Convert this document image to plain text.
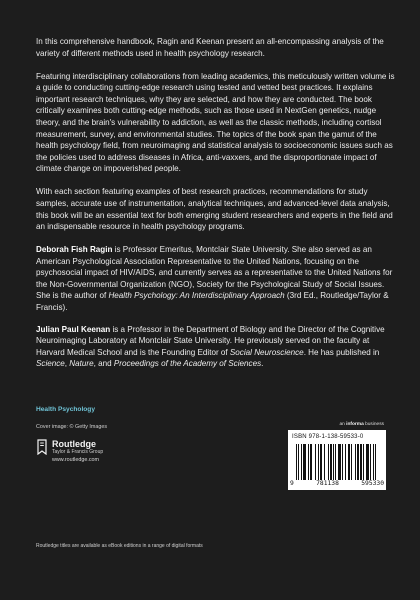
In this comprehensive handbook, Ragin and Keenan present an all-encompassing analysis of the variety of different methods used in health psychology research.

Featuring interdisciplinary collaborations from leading academics, this meticulously written volume is a guide to conducting cutting-edge research using tested and vetted best practices. It explains important research techniques, why they are selected, and how they are conducted. The book critically examines both cutting-edge methods, such as those used in NextGen genetics, nudge theory, and the brain's vulnerability to addiction, as well as the classic methods, including cortisol measurement, survey, and environmental studies. The topics of the book span the gamut of the health psychology field, from neuroimaging and statistical analysis to socioeconomic issues such as the policies used to address diseases in Africa, anti-vaxxers, and the disproportionate impact of climate change on impoverished people.

With each section featuring examples of best research practices, recommendations for study samples, accurate use of instrumentation, analytical techniques, and advanced-level data analysis, this book will be an essential text for both emerging student researchers and experts in the field and an indispensable resource in health psychology programs.

Deborah Fish Ragin is Professor Emeritus, Montclair State University. She also served as an American Psychological Association Representative to the United Nations, focusing on the psychosocial impact of HIV/AIDS, and currently serves as a representative to the United Nations for the Non-Governmental Organization (NGO), Society for the Psychological Study of Social Issues. She is the author of Health Psychology: An Interdisciplinary Approach (3rd Ed., Routledge/Taylor & Francis).

Julian Paul Keenan is a Professor in the Department of Biology and the Director of the Cognitive Neuroimaging Laboratory at Montclair State University. He previously served on the faculty at Harvard Medical School and is the Founding Editor of Social Neuroscience. He has published in Science, Nature, and Proceedings of the Academy of Sciences.

Health Psychology
Cover image: © Getty Images
Routledge
Taylor & Francis Group
www.routledge.com
an informa business
ISBN 978-1-138-59533-0
9	781138	595330
Routledge titles are available as eBook editions in a range of digital formats
